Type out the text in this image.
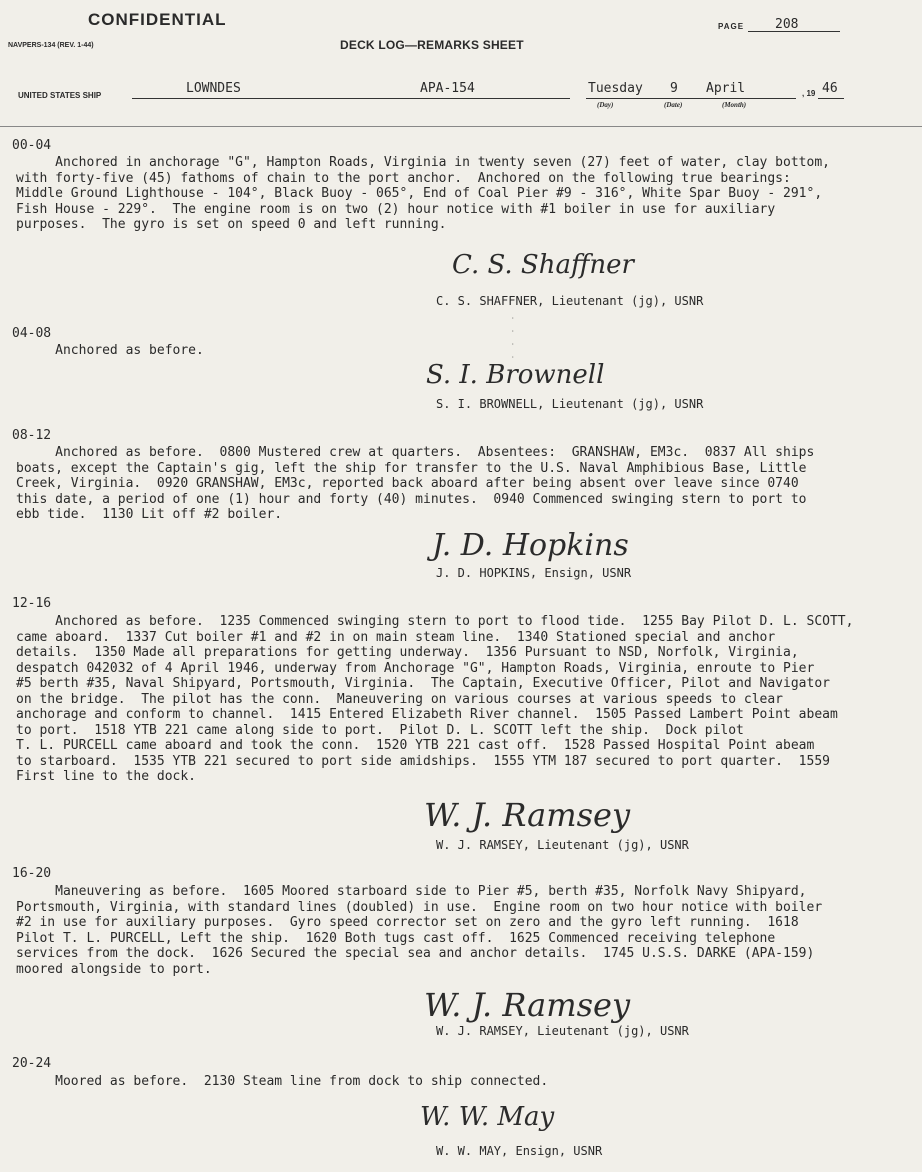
CONFIDENTIAL
NAVPERS-134 (REV. 1-44)	DECK LOG—REMARKS SHEET
PAGE 208
UNITED STATES SHIP	LOWNDES	APA-154	Tuesday 9 April
(Day)	(Date)	(Month)
, 19 46
00-04
Anchored in anchorage "G", Hampton Roads, Virginia in twenty seven (27) feet of water, clay bottom,
with forty-five (45) fathoms of chain to the port anchor.  Anchored on the following true bearings:
Middle Ground Lighthouse - 104°, Black Buoy - 065°, End of Coal Pier #9 - 316°, White Spar Buoy - 291°,
Fish House - 229°.  The engine room is on two (2) hour notice with #1 boiler in use for auxiliary
purposes.  The gyro is set on speed 0 and left running.
C. S. Shaffner
C. S. SHAFFNER, Lieutenant (jg), USNR
·
·
·
·
04-08
Anchored as before.
S. I. Brownell
S. I. BROWNELL, Lieutenant (jg), USNR
08-12
Anchored as before.  0800 Mustered crew at quarters.  Absentees:  GRANSHAW, EM3c.  0837 All ships
boats, except the Captain's gig, left the ship for transfer to the U.S. Naval Amphibious Base, Little
Creek, Virginia.  0920 GRANSHAW, EM3c, reported back aboard after being absent over leave since 0740
this date, a period of one (1) hour and forty (40) minutes.  0940 Commenced swinging stern to port to
ebb tide.  1130 Lit off #2 boiler.
J. D. Hopkins
J. D. HOPKINS, Ensign, USNR
12-16
Anchored as before.  1235 Commenced swinging stern to port to flood tide.  1255 Bay Pilot D. L. SCOTT,
came aboard.  1337 Cut boiler #1 and #2 in on main steam line.  1340 Stationed special and anchor
details.  1350 Made all preparations for getting underway.  1356 Pursuant to NSD, Norfolk, Virginia,
despatch 042032 of 4 April 1946, underway from Anchorage "G", Hampton Roads, Virginia, enroute to Pier
#5 berth #35, Naval Shipyard, Portsmouth, Virginia.  The Captain, Executive Officer, Pilot and Navigator
on the bridge.  The pilot has the conn.  Maneuvering on various courses at various speeds to clear
anchorage and conform to channel.  1415 Entered Elizabeth River channel.  1505 Passed Lambert Point abeam
to port.  1518 YTB 221 came along side to port.  Pilot D. L. SCOTT left the ship.  Dock pilot
T. L. PURCELL came aboard and took the conn.  1520 YTB 221 cast off.  1528 Passed Hospital Point abeam
to starboard.  1535 YTB 221 secured to port side amidships.  1555 YTM 187 secured to port quarter.  1559
First line to the dock.
W. J. Ramsey
W. J. RAMSEY, Lieutenant (jg), USNR
16-20
Maneuvering as before.  1605 Moored starboard side to Pier #5, berth #35, Norfolk Navy Shipyard,
Portsmouth, Virginia, with standard lines (doubled) in use.  Engine room on two hour notice with boiler
#2 in use for auxiliary purposes.  Gyro speed corrector set on zero and the gyro left running.  1618
Pilot T. L. PURCELL, Left the ship.  1620 Both tugs cast off.  1625 Commenced receiving telephone
services from the dock.  1626 Secured the special sea and anchor details.  1745 U.S.S. DARKE (APA-159)
moored alongside to port.
W. J. Ramsey
W. J. RAMSEY, Lieutenant (jg), USNR
20-24
Moored as before.  2130 Steam line from dock to ship connected.
W. W. May
W. W. MAY, Ensign, USNR
